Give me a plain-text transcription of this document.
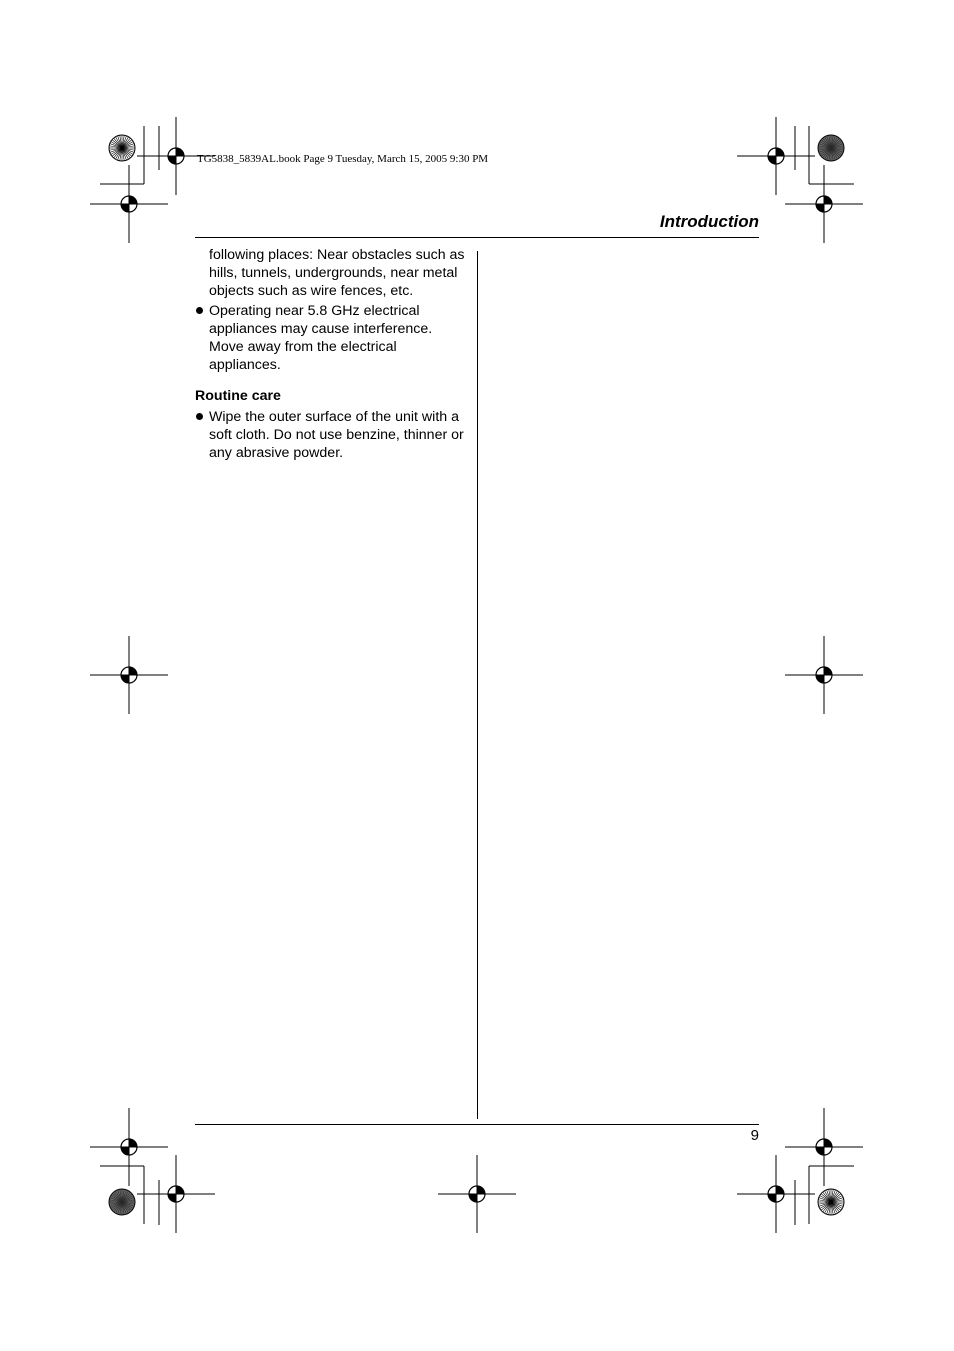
TG5838_5839AL.book Page 9 Tuesday, March 15, 2005 9:30 PM
Introduction
following places: Near obstacles such as hills, tunnels, undergrounds, near metal objects such as wire fences, etc.
Operating near 5.8 GHz electrical appliances may cause interference. Move away from the electrical appliances.
Routine care
Wipe the outer surface of the unit with a soft cloth. Do not use benzine, thinner or any abrasive powder.
9
